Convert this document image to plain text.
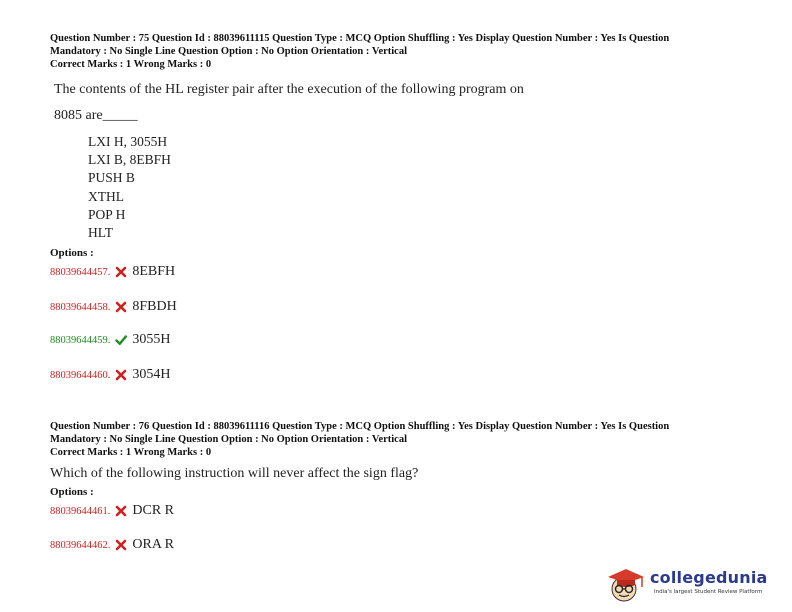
Question Number : 75 Question Id : 88039611115 Question Type : MCQ Option Shuffling : Yes Display Question Number : Yes Is Question
Mandatory : No Single Line Question Option : No Option Orientation : Vertical
Correct Marks : 1 Wrong Marks : 0
The contents of the HL register pair after the execution of the following program on
8085 are_____
LXI H, 3055H
LXI B, 8EBFH
PUSH B
XTHL
POP H
HLT
Options :
88039644457. 8EBFH
88039644458. 8FBDH
88039644459. 3055H
88039644460. 3054H
Question Number : 76 Question Id : 88039611116 Question Type : MCQ Option Shuffling : Yes Display Question Number : Yes Is Question
Mandatory : No Single Line Question Option : No Option Orientation : Vertical
Correct Marks : 1 Wrong Marks : 0
Which of the following instruction will never affect the sign flag?
Options :
88039644461. DCR R
88039644462. ORA R
collegedunia
India's largest Student Review Platform
